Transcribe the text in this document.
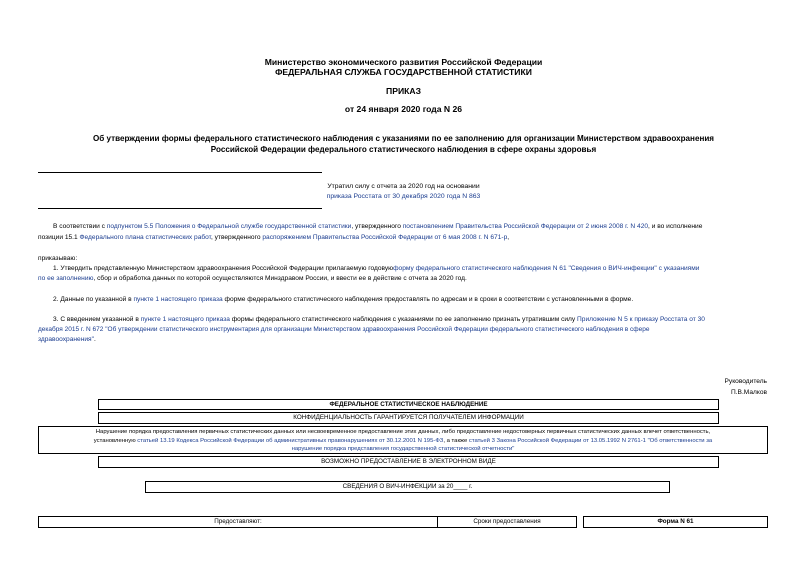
Министерство экономического развития Российской Федерации
ФЕДЕРАЛЬНАЯ СЛУЖБА ГОСУДАРСТВЕННОЙ СТАТИСТИКИ
ПРИКАЗ
от 24 января 2020 года N 26
Об утверждении формы федерального статистического наблюдения с указаниями по ее заполнению для организации Министерством здравоохранения
Российской Федерации федерального статистического наблюдения в сфере охраны здоровья
Утратил силу с отчета за 2020 год на основании
приказа Росстата от 30 декабря 2020 года N 863
В соответствии с подпунктом 5.5 Положения о Федеральной службе государственной статистики, утвержденного постановлением Правительства Российской Федерации от 2 июня 2008 г. N 420, и во исполнение
позиции 15.1 Федерального плана статистических работ, утвержденного распоряжением Правительства Российской Федерации от 6 мая 2008 г. N 671-р,
приказываю:
1. Утвердить представленную Министерством здравоохранения Российской Федерации прилагаемую годовуюформу федерального статистического наблюдения N 61 "Сведения о ВИЧ-инфекции" с указаниями
по ее заполнению, сбор и обработка данных по которой осуществляются Минздравом России, и ввести ее в действие с отчета за 2020 год.
2. Данные по указанной в пункте 1 настоящего приказа форме федерального статистического наблюдения предоставлять по адресам и в сроки в соответствии с установленными в форме.
3. С введением указанной в пункте 1 настоящего приказа формы федерального статистического наблюдения с указаниями по ее заполнению признать утратившим силу Приложение N 5 к приказу Росстата от 30
декабря 2015 г. N 672 "Об утверждении статистического инструментария для организации Министерством здравоохранения Российской Федерации федерального статистического наблюдения в сфере
здравоохранения".
Руководитель
П.В.Малков
ФЕДЕРАЛЬНОЕ СТАТИСТИЧЕСКОЕ НАБЛЮДЕНИЕ
КОНФИДЕНЦИАЛЬНОСТЬ ГАРАНТИРУЕТСЯ ПОЛУЧАТЕЛЕМ ИНФОРМАЦИИ
Нарушение порядка предоставления первичных статистических данных или несвоевременное предоставление этих данных, либо предоставление недостоверных первичных статистических данных влечет ответственность,
установленную статьей 13.19 Кодекса Российской Федерации об административных правонарушениях от 30.12.2001 N 195-ФЗ, а также статьей 3 Закона Российской Федерации от 13.05.1992 N 2761-1 "Об ответственности за
нарушение порядка представления государственной статистической отчетности"
ВОЗМОЖНО ПРЕДОСТАВЛЕНИЕ В ЭЛЕКТРОННОМ ВИДЕ
СВЕДЕНИЯ О ВИЧ-ИНФЕКЦИИ за 20____ г.
Предоставляют:	Сроки предоставления	Форма N 61
